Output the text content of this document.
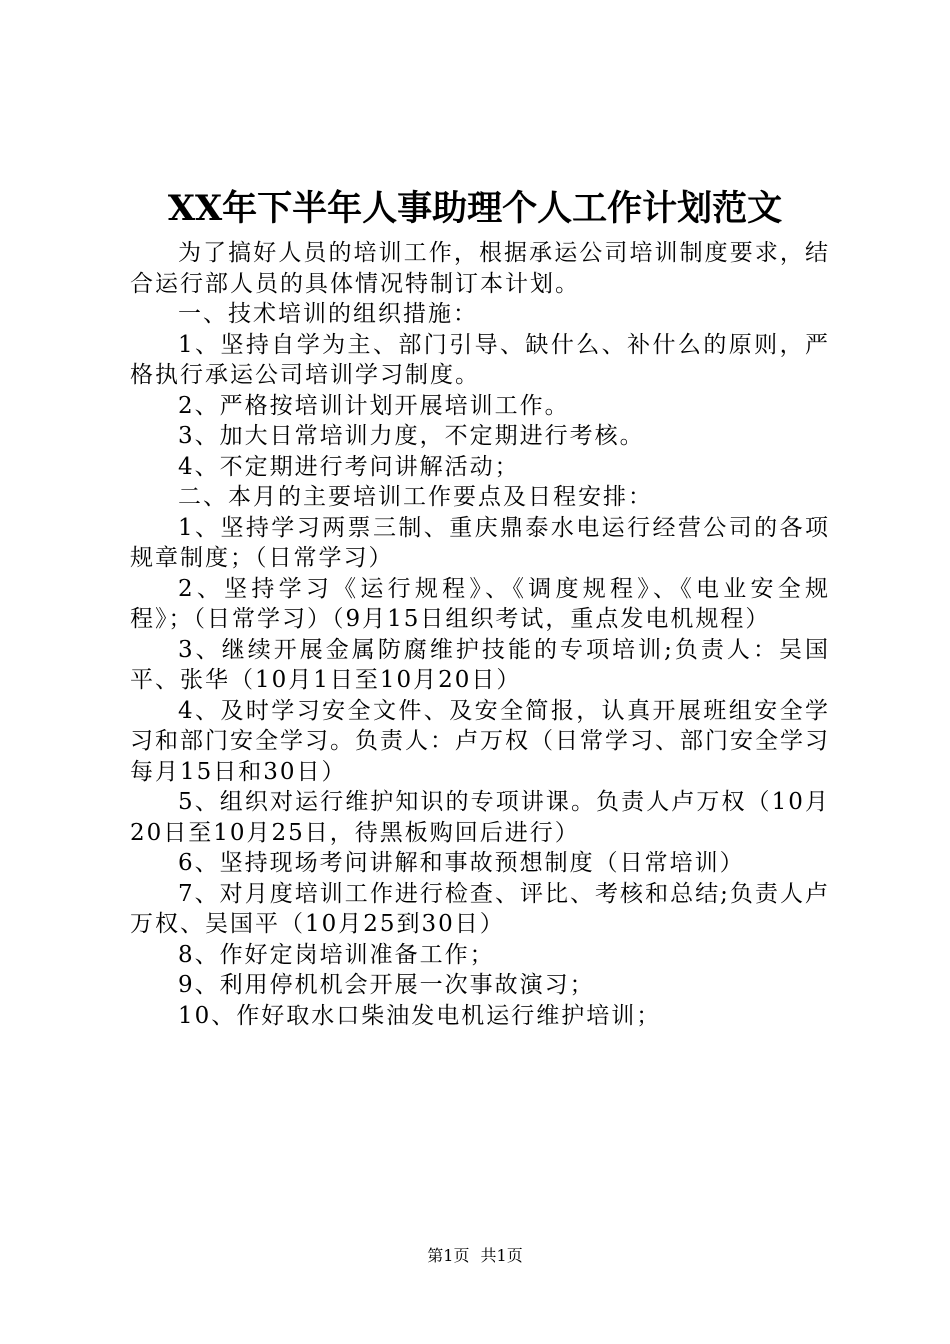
XX年下半年人事助理个人工作计划范文

为了搞好人员的培训工作，根据承运公司培训制度要求，结合运行部人员的具体情况特制订本计划。

一、技术培训的组织措施：

1、坚持自学为主、部门引导、缺什么、补什么的原则，严格执行承运公司培训学习制度。

2、严格按培训计划开展培训工作。

3、加大日常培训力度，不定期进行考核。

4、不定期进行考问讲解活动；

二、本月的主要培训工作要点及日程安排：

1、坚持学习两票三制、重庆鼎泰水电运行经营公司的各项规章制度；（日常学习）

2、坚持学习《运行规程》、《调度规程》、《电业安全规程》；（日常学习）（9月15日组织考试，重点发电机规程）

3、继续开展金属防腐维护技能的专项培训;负责人：吴国平、张华（10月1日至10月20日）

4、及时学习安全文件、及安全简报，认真开展班组安全学习和部门安全学习。负责人：卢万权（日常学习、部门安全学习每月15日和30日）

5、组织对运行维护知识的专项讲课。负责人卢万权（10月20日至10月25日，待黑板购回后进行）

6、坚持现场考问讲解和事故预想制度（日常培训）

7、对月度培训工作进行检查、评比、考核和总结;负责人卢万权、吴国平（10月25到30日）

8、作好定岗培训准备工作；

9、利用停机机会开展一次事故演习；

10、作好取水口柴油发电机运行维护培训；

第1页 共1页
